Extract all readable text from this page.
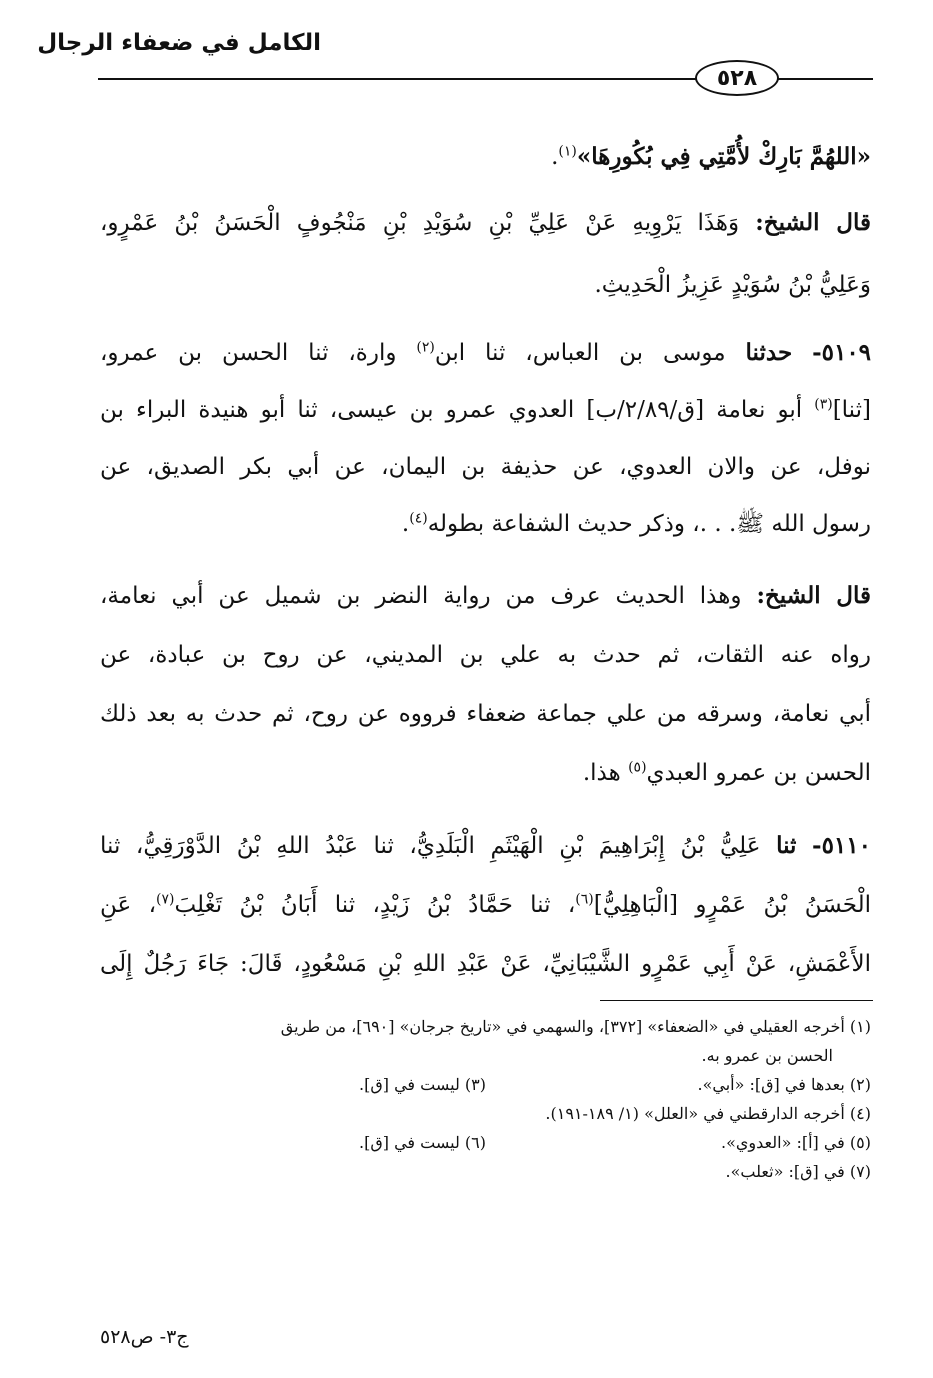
الكامل في ضعفاء الرجال
٥٢٨
«اللهُمَّ بَارِكْ لأُمَّتِي فِي بُكُورِهَا»$^{(١)}$.
قال الشيخ: وَهَذَا يَرْوِيهِ عَنْ عَلِيِّ بْنِ سُوَيْدِ بْنِ مَنْجُوفٍ الْحَسَنُ بْنُ عَمْرٍو،
وَعَلِيُّ بْنُ سُوَيْدٍ عَزِيزُ الْحَدِيثِ.
٥١٠٩- حدثنا موسى بن العباس، ثنا ابن$^{(٢)}$ وارة، ثنا الحسن بن عمرو،
[ثنا]$^{(٣)}$ أبو نعامة [ق/٢/٨٩/ب] العدوي عمرو بن عيسى، ثنا أبو هنيدة البراء بن
نوفل، عن والان العدوي، عن حذيفة بن اليمان، عن أبي بكر الصديق، عن
رسول الله ﷺ. . .، وذكر حديث الشفاعة بطوله$^{(٤)}$.
قال الشيخ: وهذا الحديث عرف من رواية النضر بن شميل عن أبي نعامة،
رواه عنه الثقات، ثم حدث به علي بن المديني، عن روح بن عبادة، عن
أبي نعامة، وسرقه من علي جماعة ضعفاء فرووه عن روح، ثم حدث به بعد ذلك
الحسن بن عمرو العبدي$^{(٥)}$ هذا.
٥١١٠- ثنا عَلِيُّ بْنُ إِبْرَاهِيمَ بْنِ الْهَيْثَمِ الْبَلَدِيُّ، ثنا عَبْدُ اللهِ بْنُ الدَّوْرَقِيُّ، ثنا
الْحَسَنُ بْنُ عَمْرٍو [الْبَاهِلِيُّ]$^{(٦)}$، ثنا حَمَّادُ بْنُ زَيْدٍ، ثنا أَبَانُ بْنُ تَغْلِبَ$^{(٧)}$، عَنِ
الأَعْمَشِ، عَنْ أَبِي عَمْرٍو الشَّيْبَانِيِّ، عَنْ عَبْدِ اللهِ بْنِ مَسْعُودٍ، قَالَ: جَاءَ رَجُلٌ إِلَى
(١) أخرجه العقيلي في «الضعفاء» [٣٧٢]، والسهمي في «تاريخ جرجان» [٦٩٠]، من طريق
الحسن بن عمرو به.
(٢) بعدها في [ق]: «أبي».
(٣) ليست في [ق].
(٤) أخرجه الدارقطني في «العلل» (١/ ١٨٩-١٩١).
(٥) في [أ]: «العدوي».
(٦) ليست في [ق].
(٧) في [ق]: «ثعلب».
ج٣- ص٥٢٨
